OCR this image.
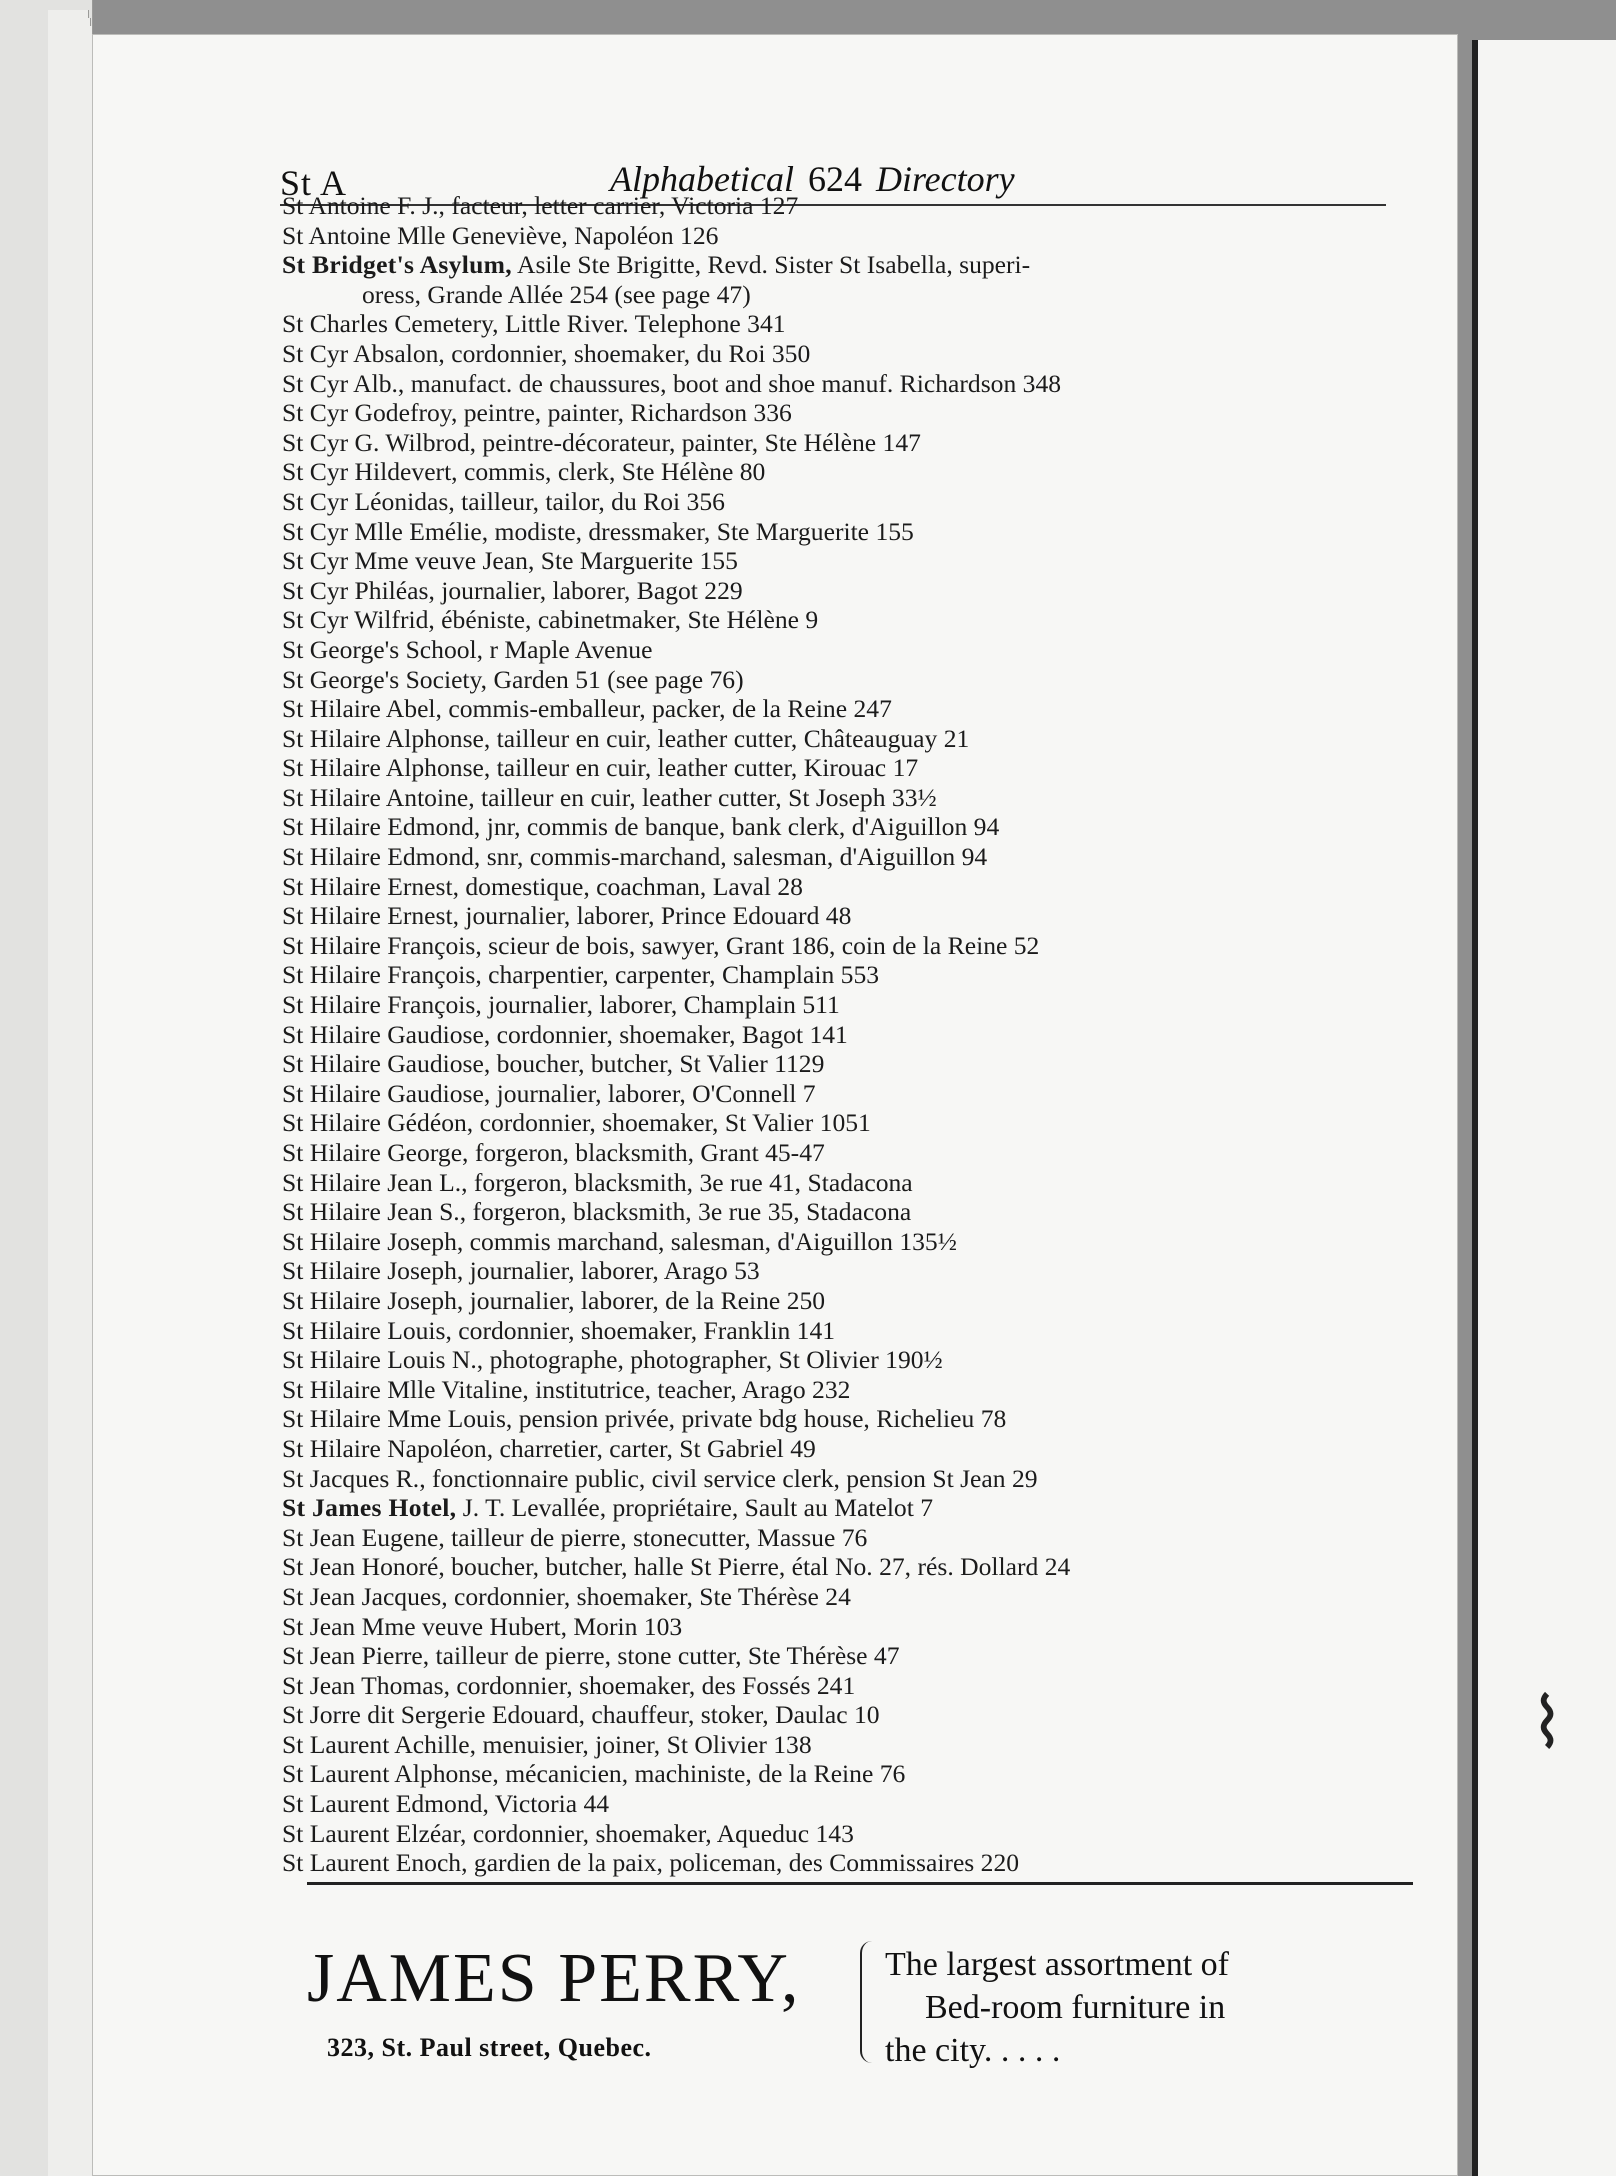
⌇
St A	Alphabetical 624 Directory
St Antoine F. J., facteur, letter carrier, Victoria 127
St Antoine Mlle Geneviève, Napoléon 126
St Bridget's Asylum, Asile Ste Brigitte, Revd. Sister St Isabella, superi-
oress, Grande Allée 254 (see page 47)
St Charles Cemetery, Little River. Telephone 341
St Cyr Absalon, cordonnier, shoemaker, du Roi 350
St Cyr Alb., manufact. de chaussures, boot and shoe manuf. Richardson 348
St Cyr Godefroy, peintre, painter, Richardson 336
St Cyr G. Wilbrod, peintre-décorateur, painter, Ste Hélène 147
St Cyr Hildevert, commis, clerk, Ste Hélène 80
St Cyr Léonidas, tailleur, tailor, du Roi 356
St Cyr Mlle Emélie, modiste, dressmaker, Ste Marguerite 155
St Cyr Mme veuve Jean, Ste Marguerite 155
St Cyr Philéas, journalier, laborer, Bagot 229
St Cyr Wilfrid, ébéniste, cabinetmaker, Ste Hélène 9
St George's School, r Maple Avenue
St George's Society, Garden 51 (see page 76)
St Hilaire Abel, commis-emballeur, packer, de la Reine 247
St Hilaire Alphonse, tailleur en cuir, leather cutter, Châteauguay 21
St Hilaire Alphonse, tailleur en cuir, leather cutter, Kirouac 17
St Hilaire Antoine, tailleur en cuir, leather cutter, St Joseph 33½
St Hilaire Edmond, jnr, commis de banque, bank clerk, d'Aiguillon 94
St Hilaire Edmond, snr, commis-marchand, salesman, d'Aiguillon 94
St Hilaire Ernest, domestique, coachman, Laval 28
St Hilaire Ernest, journalier, laborer, Prince Edouard 48
St Hilaire François, scieur de bois, sawyer, Grant 186, coin de la Reine 52
St Hilaire François, charpentier, carpenter, Champlain 553
St Hilaire François, journalier, laborer, Champlain 511
St Hilaire Gaudiose, cordonnier, shoemaker, Bagot 141
St Hilaire Gaudiose, boucher, butcher, St Valier 1129
St Hilaire Gaudiose, journalier, laborer, O'Connell 7
St Hilaire Gédéon, cordonnier, shoemaker, St Valier 1051
St Hilaire George, forgeron, blacksmith, Grant 45-47
St Hilaire Jean L., forgeron, blacksmith, 3e rue 41, Stadacona
St Hilaire Jean S., forgeron, blacksmith, 3e rue 35, Stadacona
St Hilaire Joseph, commis marchand, salesman, d'Aiguillon 135½
St Hilaire Joseph, journalier, laborer, Arago 53
St Hilaire Joseph, journalier, laborer, de la Reine 250
St Hilaire Louis, cordonnier, shoemaker, Franklin 141
St Hilaire Louis N., photographe, photographer, St Olivier 190½
St Hilaire Mlle Vitaline, institutrice, teacher, Arago 232
St Hilaire Mme Louis, pension privée, private bdg house, Richelieu 78
St Hilaire Napoléon, charretier, carter, St Gabriel 49
St Jacques R., fonctionnaire public, civil service clerk, pension St Jean 29
St James Hotel, J. T. Levallée, propriétaire, Sault au Matelot 7
St Jean Eugene, tailleur de pierre, stonecutter, Massue 76
St Jean Honoré, boucher, butcher, halle St Pierre, étal No. 27, rés. Dollard 24
St Jean Jacques, cordonnier, shoemaker, Ste Thérèse 24
St Jean Mme veuve Hubert, Morin 103
St Jean Pierre, tailleur de pierre, stone cutter, Ste Thérèse 47
St Jean Thomas, cordonnier, shoemaker, des Fossés 241
St Jorre dit Sergerie Edouard, chauffeur, stoker, Daulac 10
St Laurent Achille, menuisier, joiner, St Olivier 138
St Laurent Alphonse, mécanicien, machiniste, de la Reine 76
St Laurent Edmond, Victoria 44
St Laurent Elzéar, cordonnier, shoemaker, Aqueduc 143
St Laurent Enoch, gardien de la paix, policeman, des Commissaires 220
JAMES PERRY,
323, St. Paul street, Quebec.
The largest assortment of
Bed-room furniture in
the city. . . . .
